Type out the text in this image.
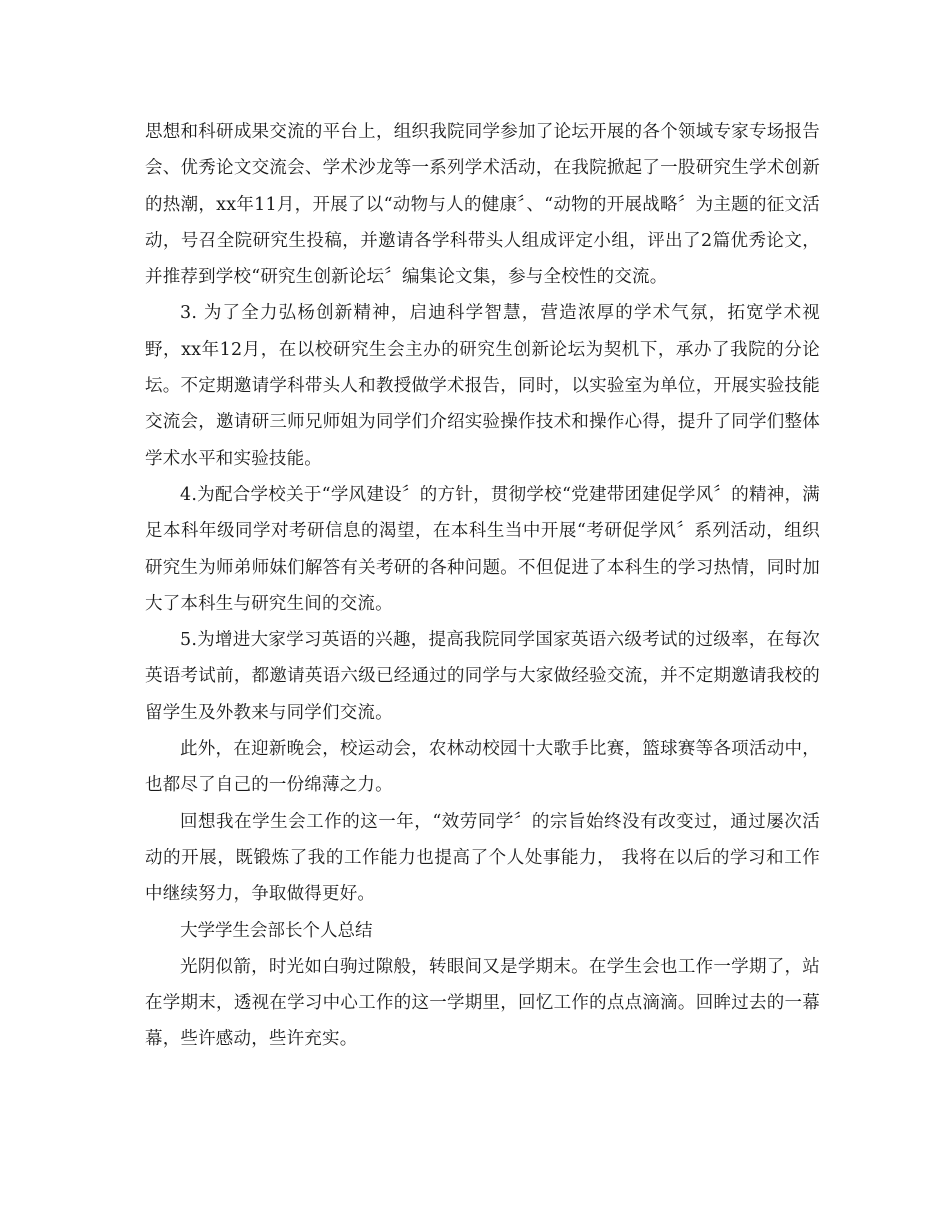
思想和科研成果交流的平台上，组织我院同学参加了论坛开展的各个领域专家专场报告会、优秀论文交流会、学术沙龙等一系列学术活动，在我院掀起了一股研究生学术创新的热潮，xx年11月，开展了以“动物与人的健康〞、“动物的开展战略〞为主题的征文活动，号召全院研究生投稿，并邀请各学科带头人组成评定小组，评出了2篇优秀论文，并推荐到学校“研究生创新论坛〞编集论文集，参与全校性的交流。

3. 为了全力弘杨创新精神，启迪科学智慧，营造浓厚的学术气氛，拓宽学术视野，xx年12月，在以校研究生会主办的研究生创新论坛为契机下，承办了我院的分论坛。不定期邀请学科带头人和教授做学术报告，同时，以实验室为单位，开展实验技能交流会，邀请研三师兄师姐为同学们介绍实验操作技术和操作心得，提升了同学们整体学术水平和实验技能。

4.为配合学校关于“学风建设〞的方针，贯彻学校“党建带团建促学风〞的精神，满足本科年级同学对考研信息的渴望，在本科生当中开展“考研促学风〞系列活动，组织研究生为师弟师妹们解答有关考研的各种问题。不但促进了本科生的学习热情，同时加大了本科生与研究生间的交流。

5.为增进大家学习英语的兴趣，提高我院同学国家英语六级考试的过级率，在每次英语考试前，都邀请英语六级已经通过的同学与大家做经验交流，并不定期邀请我校的留学生及外教来与同学们交流。

此外，在迎新晚会，校运动会，农林动校园十大歌手比赛，篮球赛等各项活动中，也都尽了自己的一份绵薄之力。

回想我在学生会工作的这一年，“效劳同学〞的宗旨始终没有改变过，通过屡次活动的开展，既锻炼了我的工作能力也提高了个人处事能力， 我将在以后的学习和工作中继续努力，争取做得更好。

大学学生会部长个人总结

光阴似箭，时光如白驹过隙般，转眼间又是学期末。在学生会也工作一学期了，站在学期末，透视在学习中心工作的这一学期里，回忆工作的点点滴滴。回眸过去的一幕幕，些许感动，些许充实。
